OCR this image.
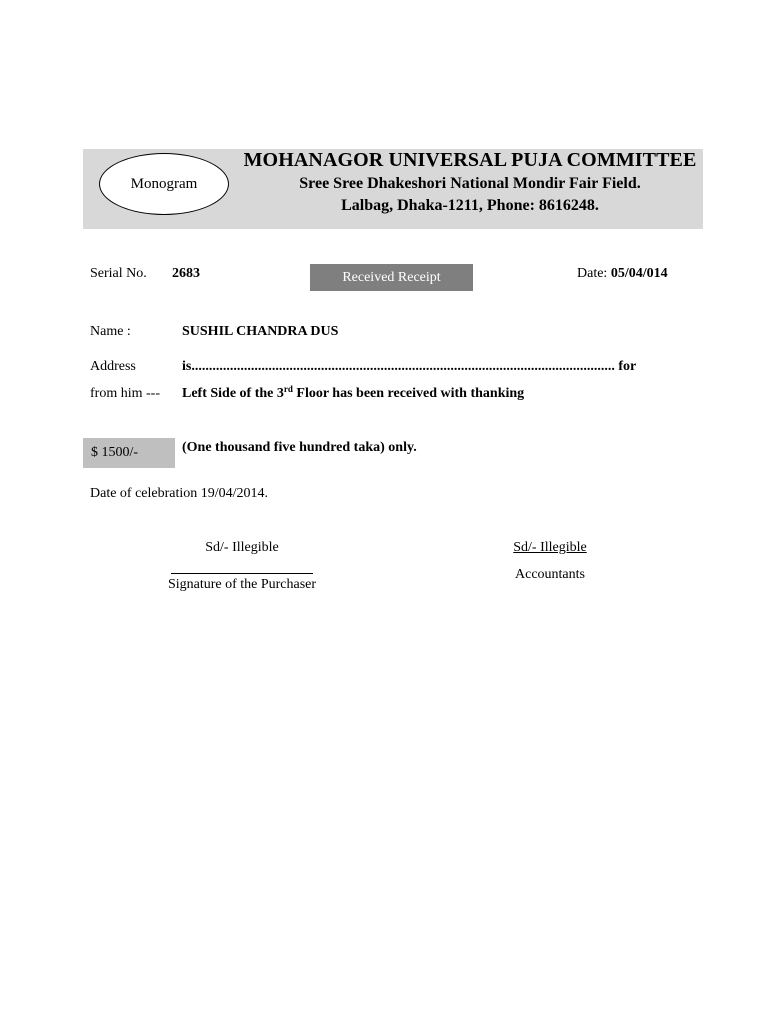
Monogram
MOHANAGOR UNIVERSAL PUJA COMMITTEE
Sree Sree Dhakeshori National Mondir Fair Field.
Lalbag, Dhaka-1211, Phone: 8616248.
Serial No. 2683	Received Receipt	Date: 05/04/014
Name :	SUSHIL CHANDRA DUS
Address	is......................................................................................................................... for
from him --- Left Side of the 3rd Floor has been received with thanking
$ 1500/-	(One thousand five hundred taka) only.
Date of celebration 19/04/2014.
Sd/- Illegible
Signature of the Purchaser
Sd/- Illegible
Accountants
